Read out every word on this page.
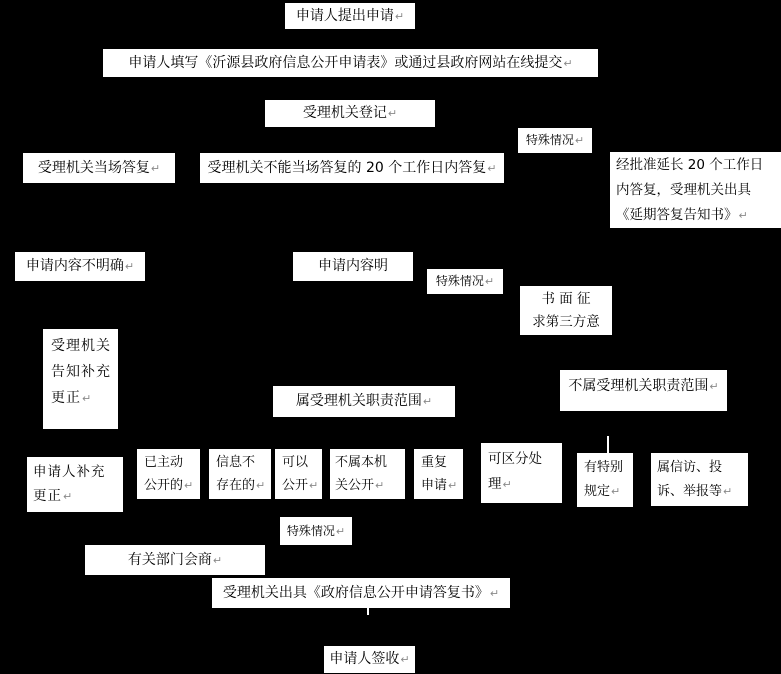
申请人提出申请↵
申请人填写《沂源县政府信息公开申请表》或通过县政府网站在线提交↵
受理机关登记↵
特殊情况↵
受理机关当场答复↵	受理机关不能当场答复的 20 个工作日内答复↵	经批准延长 20 个工作日
内答复，受理机关出具
《延期答复告知书》↵
申请内容不明确↵	申请内容明
特殊情况↵
书 面 征
求第三方意
受理机关
告知补充
更正↵	属受理机关职责范围↵
不属受理机关职责范围↵
申请人补充
更正↵
已主动
公开的↵
信息不
存在的↵
可以
公开↵
不属本机
关公开↵
重复
申请↵
可区分处
理↵
有特别
规定↵
属信访、投
诉、举报等↵
特殊情况↵
有关部门会商↵
受理机关出具《政府信息公开申请答复书》↵
申请人签收↵
